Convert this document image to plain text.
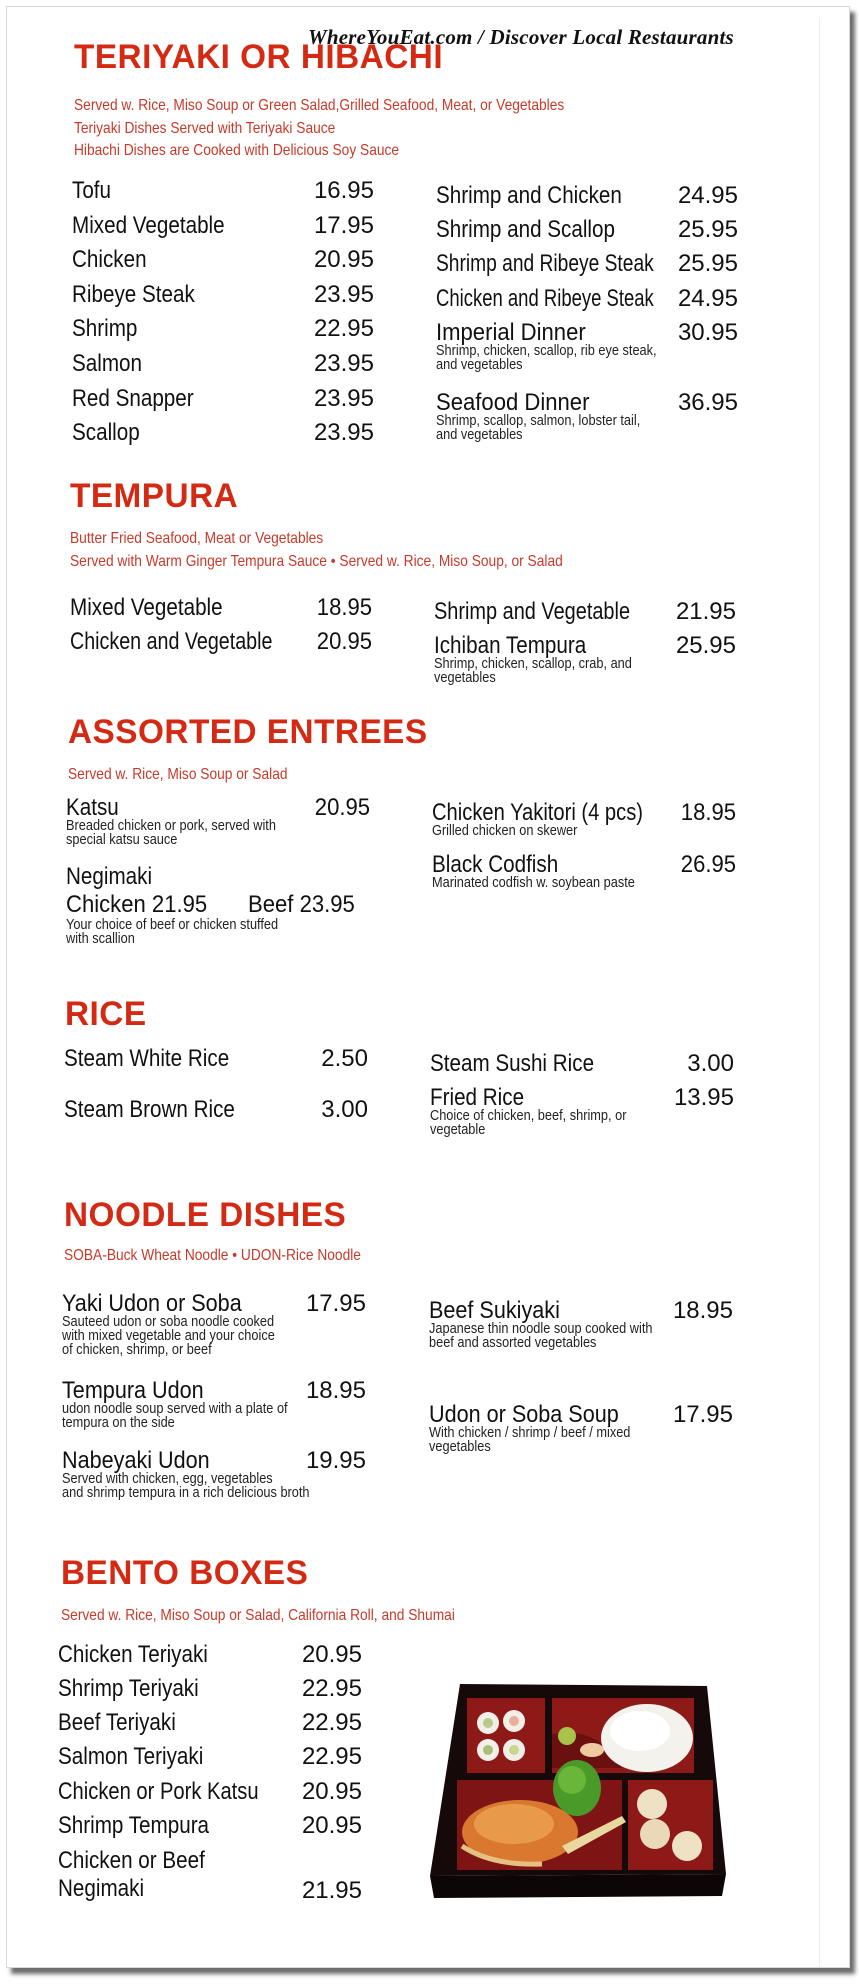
WhereYouEat.com / Discover Local Restaurants
TERIYAKI OR HIBACHI
Served w. Rice, Miso Soup or Green Salad,Grilled Seafood, Meat, or Vegetables
Teriyaki Dishes Served with Teriyaki Sauce
Hibachi Dishes are Cooked with Delicious Soy Sauce
Tofu	16.95
Mixed Vegetable	17.95
Chicken	20.95
Ribeye Steak	23.95
Shrimp	22.95
Salmon	23.95
Red Snapper	23.95
Scallop	23.95
Shrimp and Chicken 24.95
Shrimp and Scallop	25.95
Shrimp and Ribeye Steak 25.95
Chicken and Ribeye Steak 24.95
Imperial Dinner	30.95
Shrimp, chicken, scallop, rib eye steak,
and vegetables
Seafood Dinner	36.95
Shrimp, scallop, salmon, lobster tail,
and vegetables
TEMPURA
Butter Fried Seafood, Meat or Vegetables
Served with Warm Ginger Tempura Sauce • Served w. Rice, Miso Soup, or Salad
Mixed Vegetable	18.95
Chicken and Vegetable 20.95
Shrimp and Vegetable 21.95
Ichiban Tempura	25.95
Shrimp, chicken, scallop, crab, and
vegetables
ASSORTED ENTREES
Served w. Rice, Miso Soup or Salad
Katsu	20.95
Breaded chicken or pork, served with
special katsu sauce
Negimaki
Chicken 21.95 Beef 23.95
Your choice of beef or chicken stuffed
with scallion
Chicken Yakitori (4 pcs) 18.95
Grilled chicken on skewer
Black Codfish	26.95
Marinated codfish w. soybean paste
RICE
Steam White Rice	2.50
Steam Brown Rice	3.00
Steam Sushi Rice	3.00
Fried Rice	13.95
Choice of chicken, beef, shrimp, or
vegetable
NOODLE DISHES
SOBA-Buck Wheat Noodle • UDON-Rice Noodle
Yaki Udon or Soba	17.95
Sauteed udon or soba noodle cooked
with mixed vegetable and your choice
of chicken, shrimp, or beef
Tempura Udon	18.95
udon noodle soup served with a plate of
tempura on the side
Nabeyaki Udon	19.95
Served with chicken, egg, vegetables
and shrimp tempura in a rich delicious broth
Beef Sukiyaki	18.95
Japanese thin noodle soup cooked with
beef and assorted vegetables
Udon or Soba Soup 17.95
With chicken / shrimp / beef / mixed
vegetables
BENTO BOXES
Served w. Rice, Miso Soup or Salad, California Roll, and Shumai
Chicken Teriyaki	20.95
Shrimp Teriyaki	22.95
Beef Teriyaki	22.95
Salmon Teriyaki	22.95
Chicken or Pork Katsu 20.95
Shrimp Tempura	20.95
Chicken or Beef
Negimaki	21.95
